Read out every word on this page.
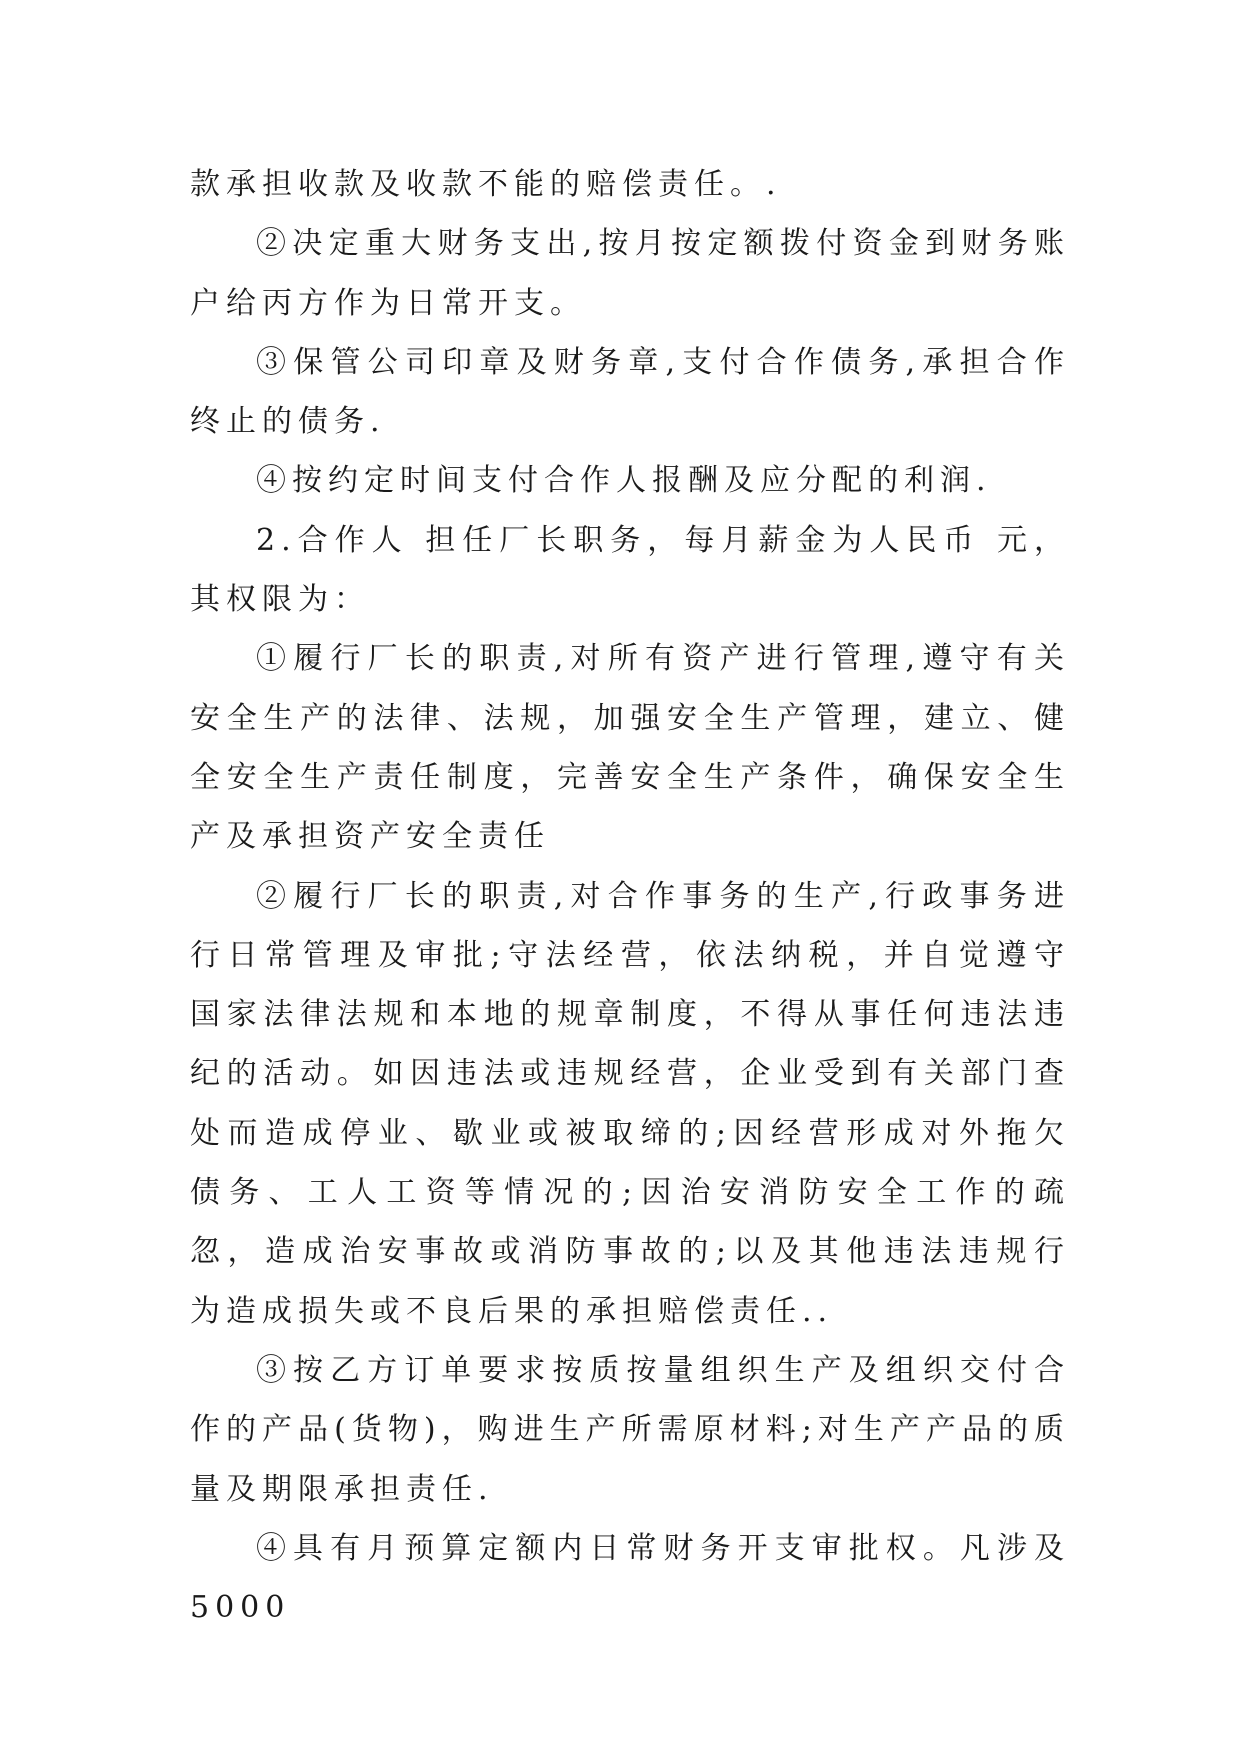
款承担收款及收款不能的赔偿责任。.

②决定重大财务支出,按月按定额拨付资金到财务账户给丙方作为日常开支。

③保管公司印章及财务章,支付合作债务,承担合作终止的债务.

④按约定时间支付合作人报酬及应分配的利润.

2.合作人 担任厂长职务，每月薪金为人民币 元，其权限为：

①履行厂长的职责,对所有资产进行管理,遵守有关安全生产的法律、法规，加强安全生产管理，建立、健全安全生产责任制度，完善安全生产条件，确保安全生产及承担资产安全责任

②履行厂长的职责,对合作事务的生产,行政事务进行日常管理及审批;守法经营，依法纳税，并自觉遵守国家法律法规和本地的规章制度，不得从事任何违法违纪的活动。如因违法或违规经营，企业受到有关部门查处而造成停业、歇业或被取缔的;因经营形成对外拖欠债务、工人工资等情况的;因治安消防安全工作的疏忽，造成治安事故或消防事故的;以及其他违法违规行为造成损失或不良后果的承担赔偿责任..

③按乙方订单要求按质按量组织生产及组织交付合作的产品(货物)，购进生产所需原材料;对生产产品的质量及期限承担责任.

④具有月预算定额内日常财务开支审批权。凡涉及5000
